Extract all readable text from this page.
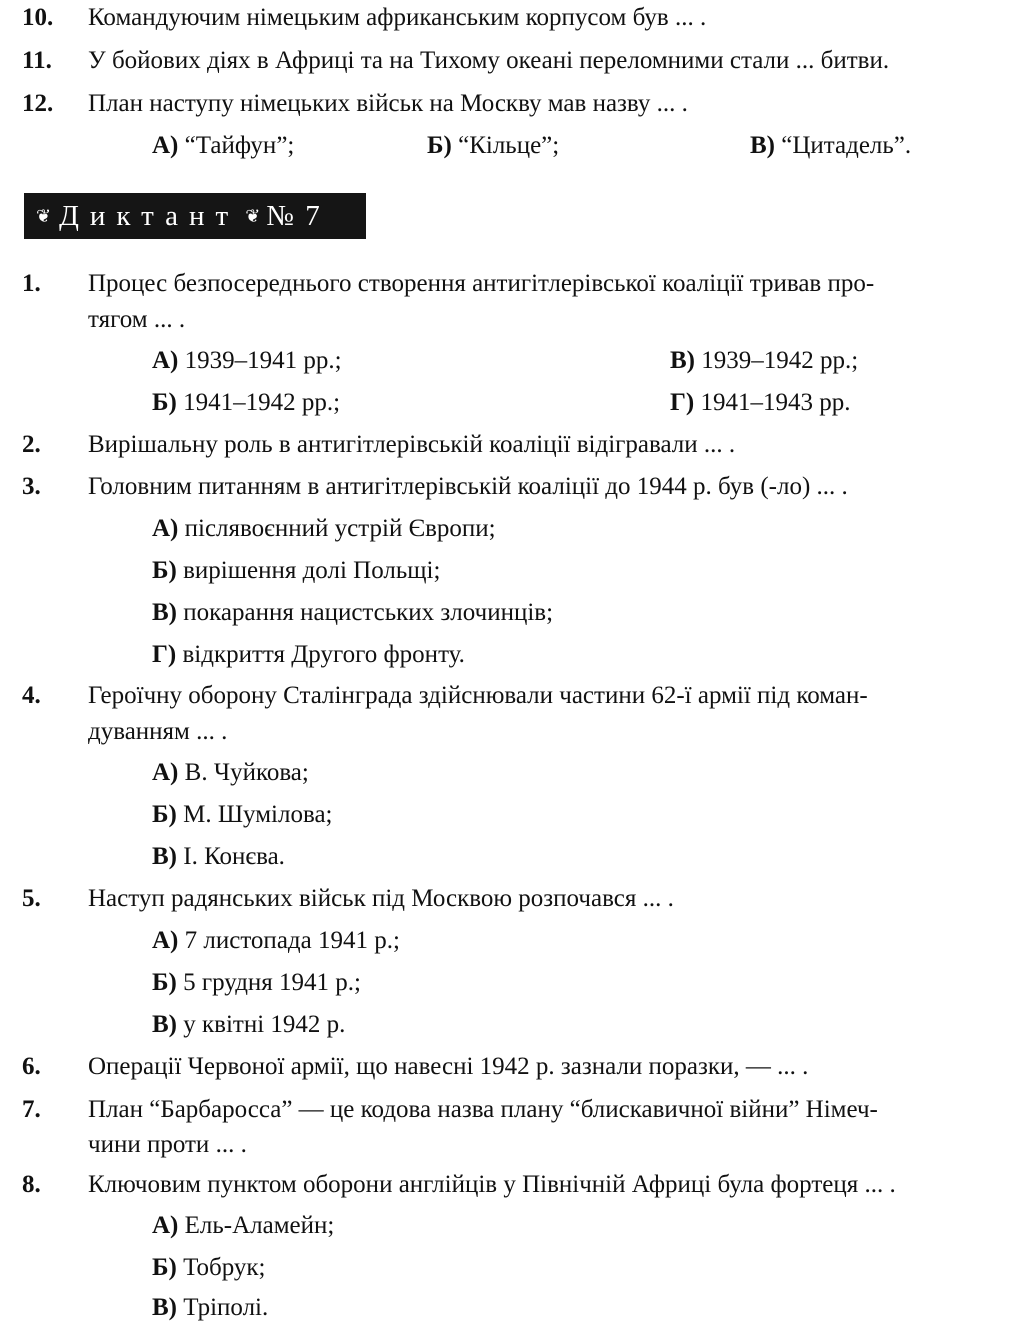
10. Командуючим німецьким африканським корпусом був ... .
11. У бойових діях в Африці та на Тихому океані переломними стали ... битви.
12. План наступу німецьких військ на Москву мав назву ... .
А) “Тайфун”;	Б) “Кільце”;	В) “Цитадель”.
❦ Диктант ❦ № 7
1. Процес безпосереднього створення антигітлерівської коаліції тривав про-
тягом ... .
А) 1939–1941 рр.;	В) 1939–1942 рр.;
Б) 1941–1942 рр.;	Г) 1941–1943 рр.
2. Вирішальну роль в антигітлерівській коаліції відігравали ... .
3. Головним питанням в антигітлерівській коаліції до 1944 р. був (-ло) ... .
А) післявоєнний устрій Європи;
Б) вирішення долі Польщі;
В) покарання нацистських злочинців;
Г) відкриття Другого фронту.
4. Героїчну оборону Сталінграда здійснювали частини 62-ї армії під коман-
дуванням ... .
А) В. Чуйкова;
Б) М. Шумілова;
В) І. Конєва.
5. Наступ радянських військ під Москвою розпочався ... .
А) 7 листопада 1941 р.;
Б) 5 грудня 1941 р.;
В) у квітні 1942 р.
6. Операції Червоної армії, що навесні 1942 р. зазнали поразки, — ... .
7. План “Барбаросса” — це кодова назва плану “блискавичної війни” Німеч-
чини проти ... .
8. Ключовим пунктом оборони англійців у Північній Африці була фортеця ... .
А) Ель-Аламейн;
Б) Тобрук;
В) Тріполі.
